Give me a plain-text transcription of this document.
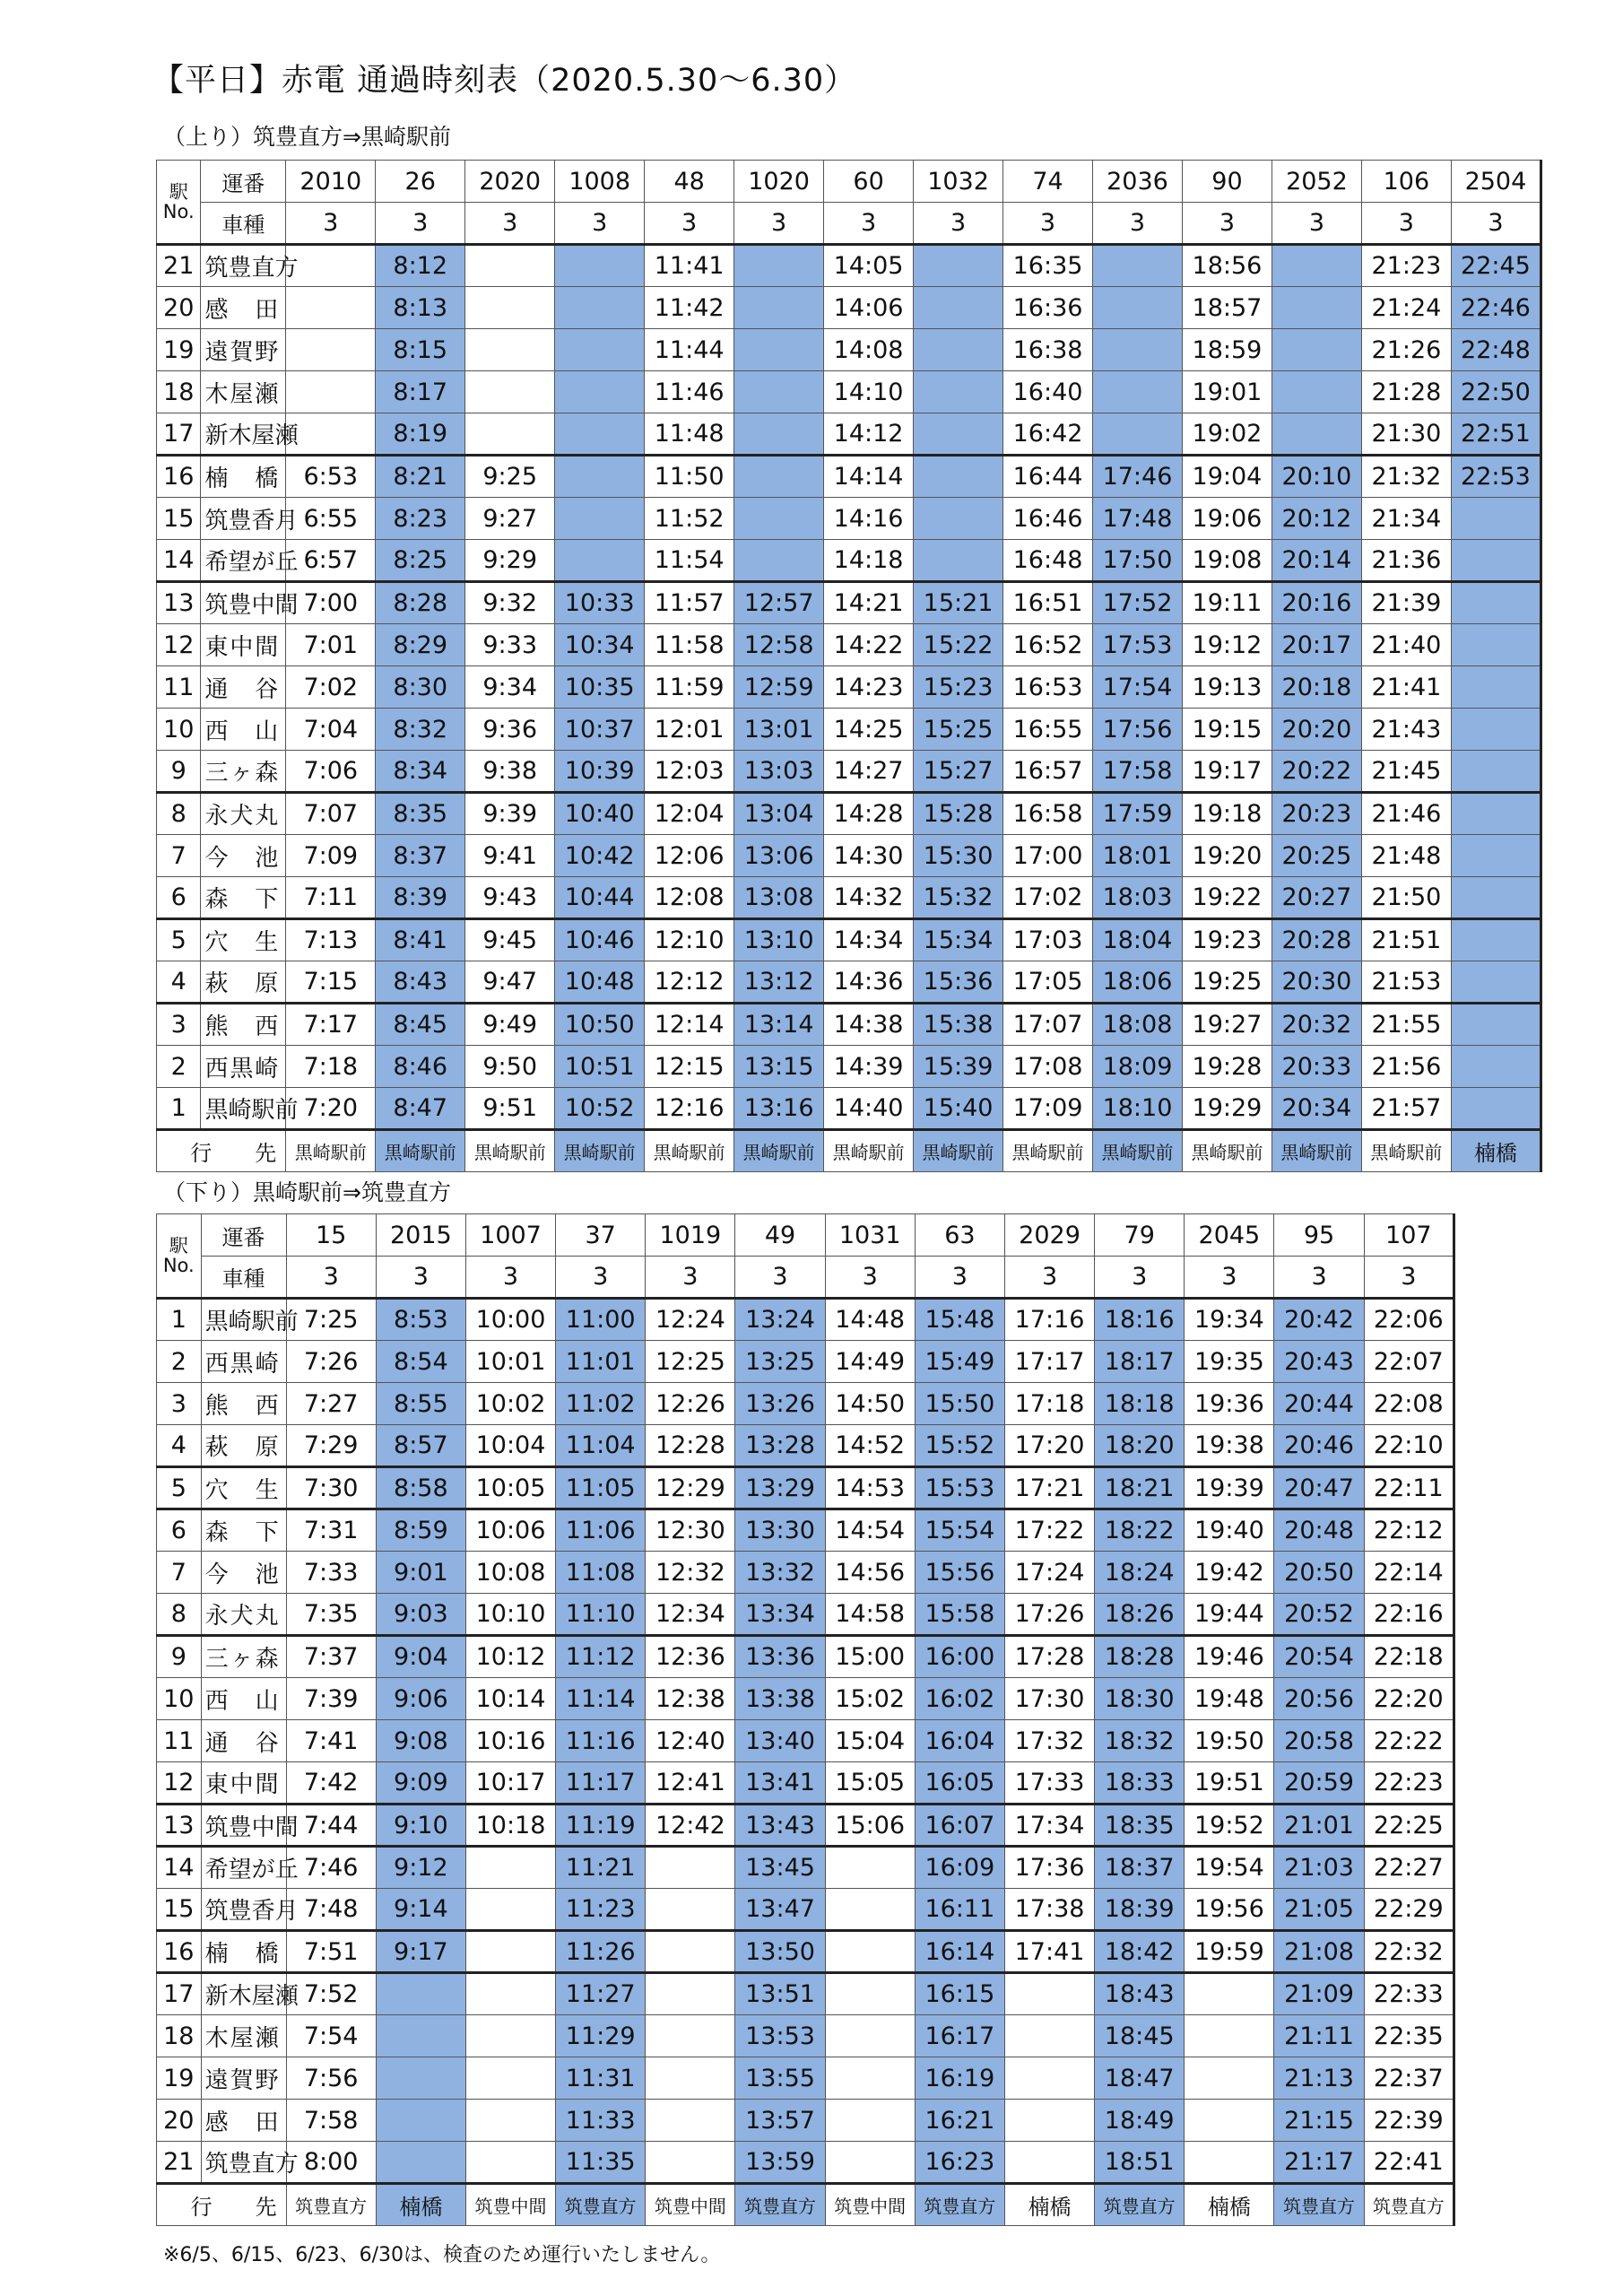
【平日】赤電 通過時刻表（2020.5.30〜6.30）
（上り）筑豊直方⇒黒崎駅前
駅
No.	運番	2010	26	2020	1008	48	1020	60	1032	74	2036	90	2052	106	2504
	車種	3	3	3	3	3	3	3	3	3	3	3	3	3	3
21	筑豊直方		8:12			11:41		14:05		16:35		18:56		21:23	22:45
20	感田		8:13			11:42		14:06		16:36		18:57		21:24	22:46
19	遠賀野		8:15			11:44		14:08		16:38		18:59		21:26	22:48
18	木屋瀬		8:17			11:46		14:10		16:40		19:01		21:28	22:50
17	新木屋瀬		8:19			11:48		14:12		16:42		19:02		21:30	22:51
16	楠橋	6:53	8:21	9:25		11:50		14:14		16:44	17:46	19:04	20:10	21:32	22:53
15	筑豊香月	6:55	8:23	9:27		11:52		14:16		16:46	17:48	19:06	20:12	21:34	
14	希望が丘	6:57	8:25	9:29		11:54		14:18		16:48	17:50	19:08	20:14	21:36	
13	筑豊中間	7:00	8:28	9:32	10:33	11:57	12:57	14:21	15:21	16:51	17:52	19:11	20:16	21:39	
12	東中間	7:01	8:29	9:33	10:34	11:58	12:58	14:22	15:22	16:52	17:53	19:12	20:17	21:40	
11	通谷	7:02	8:30	9:34	10:35	11:59	12:59	14:23	15:23	16:53	17:54	19:13	20:18	21:41	
10	西山	7:04	8:32	9:36	10:37	12:01	13:01	14:25	15:25	16:55	17:56	19:15	20:20	21:43	
9	三ヶ森	7:06	8:34	9:38	10:39	12:03	13:03	14:27	15:27	16:57	17:58	19:17	20:22	21:45	
8	永犬丸	7:07	8:35	9:39	10:40	12:04	13:04	14:28	15:28	16:58	17:59	19:18	20:23	21:46	
7	今池	7:09	8:37	9:41	10:42	12:06	13:06	14:30	15:30	17:00	18:01	19:20	20:25	21:48	
6	森下	7:11	8:39	9:43	10:44	12:08	13:08	14:32	15:32	17:02	18:03	19:22	20:27	21:50	
5	穴生	7:13	8:41	9:45	10:46	12:10	13:10	14:34	15:34	17:03	18:04	19:23	20:28	21:51	
4	萩原	7:15	8:43	9:47	10:48	12:12	13:12	14:36	15:36	17:05	18:06	19:25	20:30	21:53	
3	熊西	7:17	8:45	9:49	10:50	12:14	13:14	14:38	15:38	17:07	18:08	19:27	20:32	21:55	
2	西黒崎	7:18	8:46	9:50	10:51	12:15	13:15	14:39	15:39	17:08	18:09	19:28	20:33	21:56	
1	黒崎駅前	7:20	8:47	9:51	10:52	12:16	13:16	14:40	15:40	17:09	18:10	19:29	20:34	21:57	
行　　先		黒崎駅前	黒崎駅前	黒崎駅前	黒崎駅前	黒崎駅前	黒崎駅前	黒崎駅前	黒崎駅前	黒崎駅前	黒崎駅前	黒崎駅前	黒崎駅前	黒崎駅前	楠橋
（下り）黒崎駅前⇒筑豊直方
駅
No.	運番	15	2015	1007	37	1019	49	1031	63	2029	79	2045	95	107
	車種	3	3	3	3	3	3	3	3	3	3	3	3	3
1	黒崎駅前	7:25	8:53	10:00	11:00	12:24	13:24	14:48	15:48	17:16	18:16	19:34	20:42	22:06
2	西黒崎	7:26	8:54	10:01	11:01	12:25	13:25	14:49	15:49	17:17	18:17	19:35	20:43	22:07
3	熊西	7:27	8:55	10:02	11:02	12:26	13:26	14:50	15:50	17:18	18:18	19:36	20:44	22:08
4	萩原	7:29	8:57	10:04	11:04	12:28	13:28	14:52	15:52	17:20	18:20	19:38	20:46	22:10
5	穴生	7:30	8:58	10:05	11:05	12:29	13:29	14:53	15:53	17:21	18:21	19:39	20:47	22:11
6	森下	7:31	8:59	10:06	11:06	12:30	13:30	14:54	15:54	17:22	18:22	19:40	20:48	22:12
7	今池	7:33	9:01	10:08	11:08	12:32	13:32	14:56	15:56	17:24	18:24	19:42	20:50	22:14
8	永犬丸	7:35	9:03	10:10	11:10	12:34	13:34	14:58	15:58	17:26	18:26	19:44	20:52	22:16
9	三ヶ森	7:37	9:04	10:12	11:12	12:36	13:36	15:00	16:00	17:28	18:28	19:46	20:54	22:18
10	西山	7:39	9:06	10:14	11:14	12:38	13:38	15:02	16:02	17:30	18:30	19:48	20:56	22:20
11	通谷	7:41	9:08	10:16	11:16	12:40	13:40	15:04	16:04	17:32	18:32	19:50	20:58	22:22
12	東中間	7:42	9:09	10:17	11:17	12:41	13:41	15:05	16:05	17:33	18:33	19:51	20:59	22:23
13	筑豊中間	7:44	9:10	10:18	11:19	12:42	13:43	15:06	16:07	17:34	18:35	19:52	21:01	22:25
14	希望が丘	7:46	9:12		11:21		13:45		16:09	17:36	18:37	19:54	21:03	22:27
15	筑豊香月	7:48	9:14		11:23		13:47		16:11	17:38	18:39	19:56	21:05	22:29
16	楠橋	7:51	9:17		11:26		13:50		16:14	17:41	18:42	19:59	21:08	22:32
17	新木屋瀬	7:52			11:27		13:51		16:15		18:43		21:09	22:33
18	木屋瀬	7:54			11:29		13:53		16:17		18:45		21:11	22:35
19	遠賀野	7:56			11:31		13:55		16:19		18:47		21:13	22:37
20	感田	7:58			11:33		13:57		16:21		18:49		21:15	22:39
21	筑豊直方	8:00			11:35		13:59		16:23		18:51		21:17	22:41
行　　先		筑豊直方	楠橋	筑豊中間	筑豊直方	筑豊中間	筑豊直方	筑豊中間	筑豊直方	楠橋	筑豊直方	楠橋	筑豊直方	筑豊直方
※6/5、6/15、6/23、6/30は、検査のため運行いたしません。
